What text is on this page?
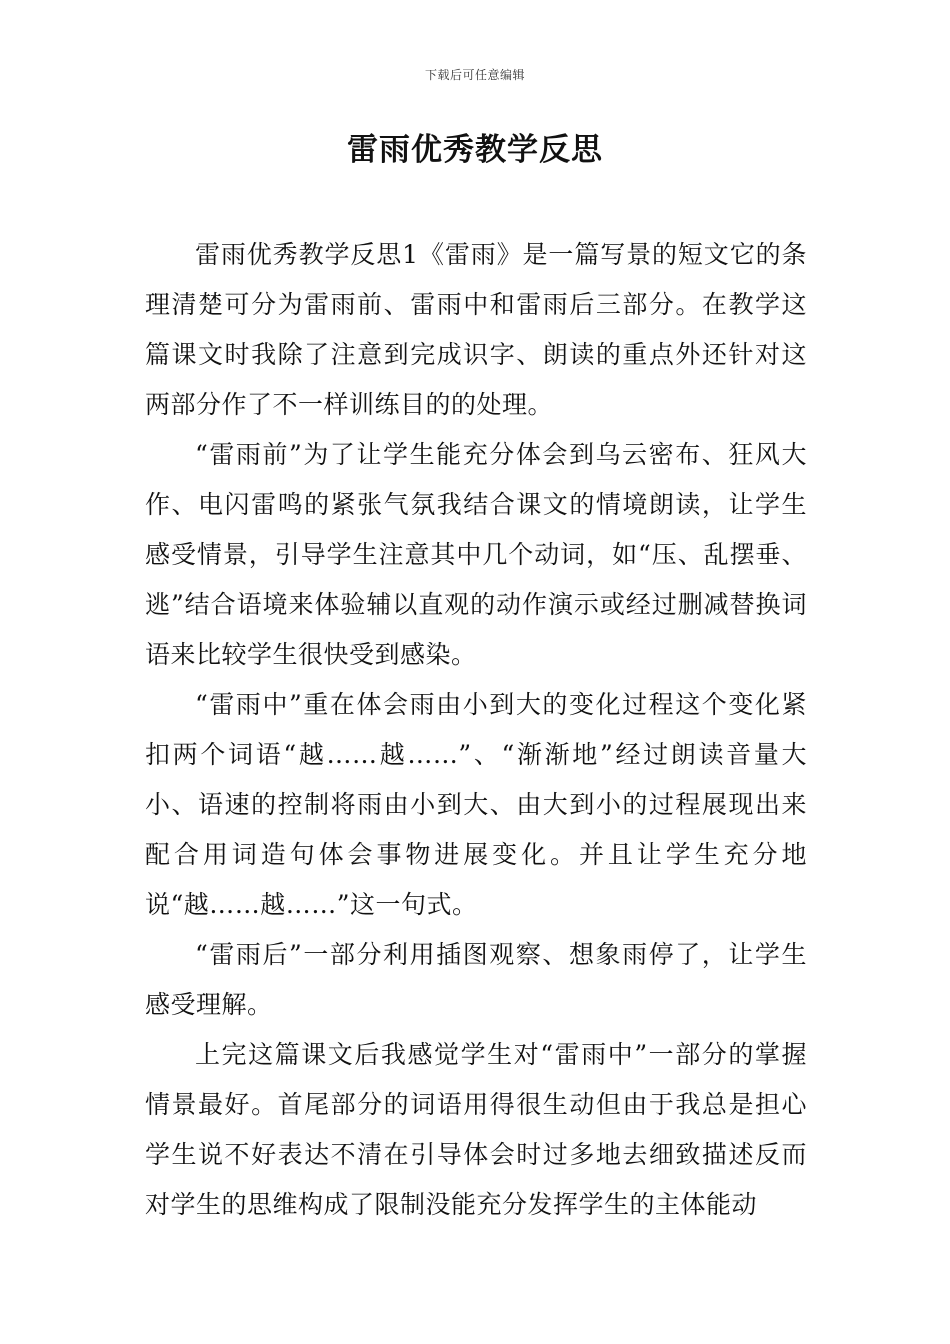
下载后可任意编辑
雷雨优秀教学反思

雷雨优秀教学反思1《雷雨》是一篇写景的短文它的条理清楚可分为雷雨前、雷雨中和雷雨后三部分。在教学这篇课文时我除了注意到完成识字、朗读的重点外还针对这两部分作了不一样训练目的的处理。

“雷雨前”为了让学生能充分体会到乌云密布、狂风大作、电闪雷鸣的紧张气氛我结合课文的情境朗读，让学生感受情景，引导学生注意其中几个动词，如“压、乱摆垂、逃”结合语境来体验辅以直观的动作演示或经过删减替换词语来比较学生很快受到感染。

“雷雨中”重在体会雨由小到大的变化过程这个变化紧扣两个词语“越……越……”、“渐渐地”经过朗读音量大小、语速的控制将雨由小到大、由大到小的过程展现出来配合用词造句体会事物进展变化。并且让学生充分地说“越……越……”这一句式。

“雷雨后”一部分利用插图观察、想象雨停了，让学生感受理解。

上完这篇课文后我感觉学生对“雷雨中”一部分的掌握情景最好。首尾部分的词语用得很生动但由于我总是担心学生说不好表达不清在引导体会时过多地去细致描述反而对学生的思维构成了限制没能充分发挥学生的主体能动
